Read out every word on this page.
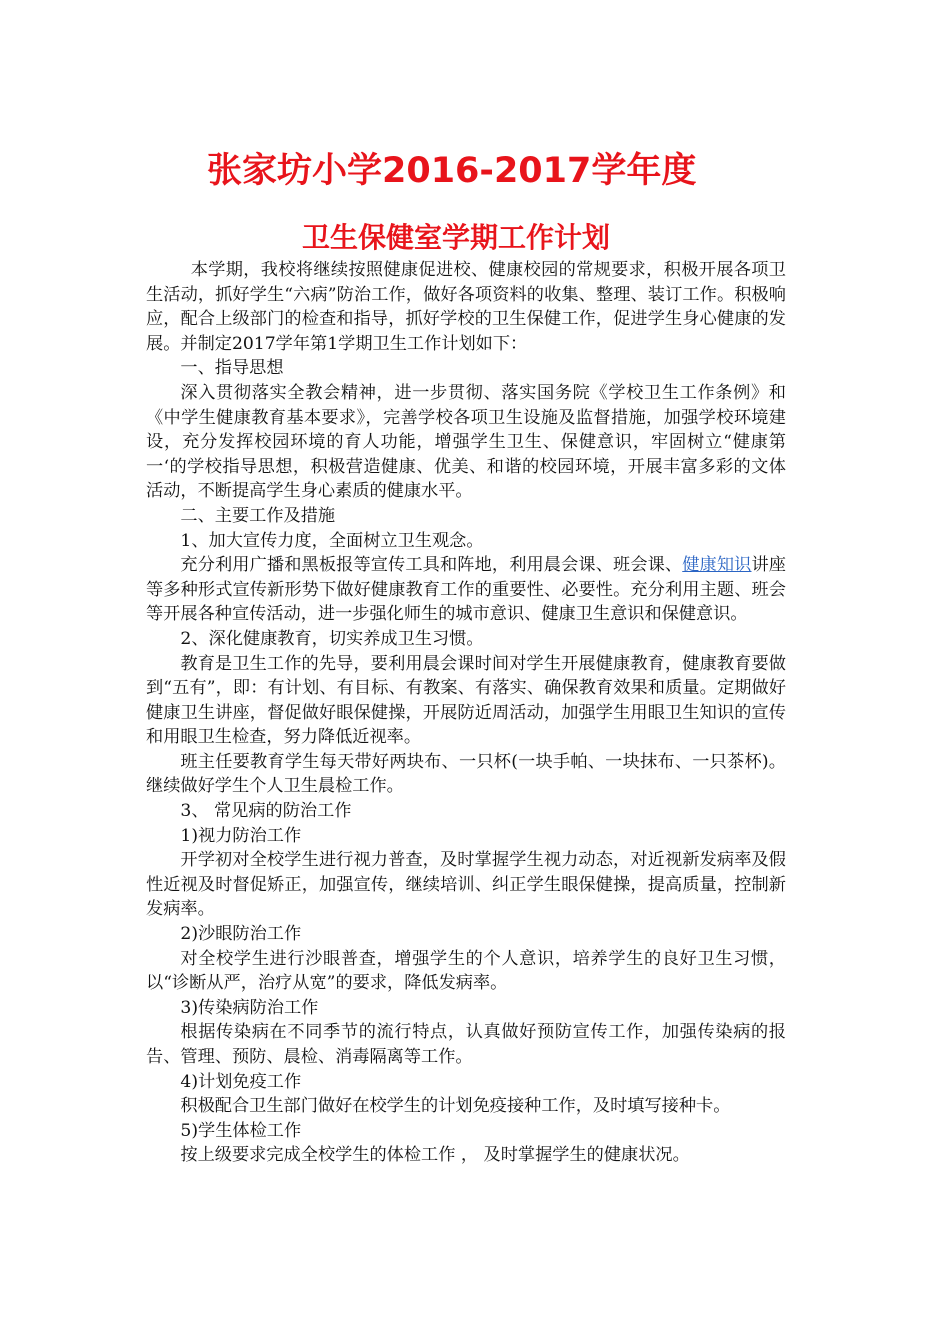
张家坊小学2016-2017学年度
卫生保健室学期工作计划

本学期，我校将继续按照健康促进校、健康校园的常规要求，积极开展各项卫生活动，抓好学生“六病”防治工作，做好各项资料的收集、整理、装订工作。积极响应，配合上级部门的检查和指导，抓好学校的卫生保健工作，促进学生身心健康的发展。并制定2017学年第1学期卫生工作计划如下：

一、指导思想

深入贯彻落实全教会精神，进一步贯彻、落实国务院《学校卫生工作条例》和《中学生健康教育基本要求》，完善学校各项卫生设施及监督措施，加强学校环境建设，充分发挥校园环境的育人功能，增强学生卫生、保健意识，牢固树立“健康第一‘的学校指导思想，积极营造健康、优美、和谐的校园环境，开展丰富多彩的文体活动，不断提高学生身心素质的健康水平。

二、主要工作及措施

1、加大宣传力度，全面树立卫生观念。

充分利用广播和黑板报等宣传工具和阵地，利用晨会课、班会课、健康知识讲座等多种形式宣传新形势下做好健康教育工作的重要性、必要性。充分利用主题、班会等开展各种宣传活动，进一步强化师生的城市意识、健康卫生意识和保健意识。

2、深化健康教育，切实养成卫生习惯。

教育是卫生工作的先导，要利用晨会课时间对学生开展健康教育，健康教育要做到“五有”，即：有计划、有目标、有教案、有落实、确保教育效果和质量。定期做好健康卫生讲座，督促做好眼保健操，开展防近周活动，加强学生用眼卫生知识的宣传和用眼卫生检查，努力降低近视率。

班主任要教育学生每天带好两块布、一只杯(一块手帕、一块抹布、一只茶杯)。继续做好学生个人卫生晨检工作。

3、 常见病的防治工作

1)视力防治工作

开学初对全校学生进行视力普查，及时掌握学生视力动态，对近视新发病率及假性近视及时督促矫正，加强宣传，继续培训、纠正学生眼保健操，提高质量，控制新发病率。

2)沙眼防治工作

对全校学生进行沙眼普查，增强学生的个人意识，培养学生的良好卫生习惯，以“诊断从严，治疗从宽”的要求，降低发病率。

3)传染病防治工作

根据传染病在不同季节的流行特点，认真做好预防宣传工作，加强传染病的报告、管理、预防、晨检、消毒隔离等工作。

4)计划免疫工作

积极配合卫生部门做好在校学生的计划免疫接种工作，及时填写接种卡。

5)学生体检工作

按上级要求完成全校学生的体检工作 ， 及时掌握学生的健康状况。
